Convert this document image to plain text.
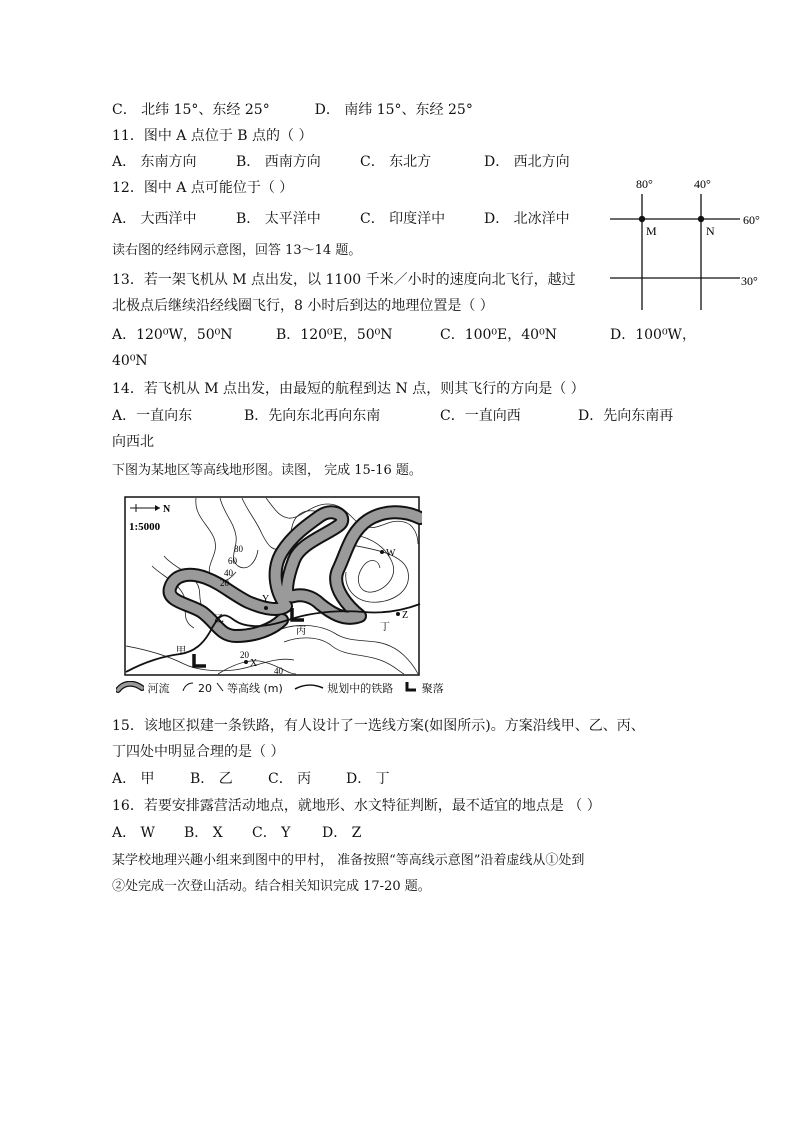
C． 北纬 15°、东经 25°	D． 南纬 15°、东经 25°
11．图中 A 点位于 B 点的（ ）
A． 东南方向	B． 西南方向	C． 东北方	D． 西北方向
12．图中 A 点可能位于（ ）
A． 大西洋中	B． 太平洋中	C． 印度洋中	D． 北冰洋中
读右图的经纬网示意图，回答 13～14 题。
13．若一架飞机从 M 点出发，以 1100 千米／小时的速度向北飞行，越过
北极点后继续沿经线圈飞行，8 小时后到达的地理位置是（ ）
A．120⁰W，50⁰N	B．120⁰E，50⁰N	C．100⁰E，40⁰N	D．100⁰W，
40⁰N
14．若飞机从 M 点出发，由最短的航程到达 N 点，则其飞行的方向是（ ）
A．一直向东	B．先向东北再向东南	C．一直向西	D．先向东南再
向西北
下图为某地区等高线地形图。读图， 完成 15-16 题。
80°	40°
60°
30°
M	N
N
1:5000
80
60
40
20
20
40
甲
乙
丙	丁
W
X
Y
Z
河流	20 等高线 (m)	规划中的铁路	聚落
15．该地区拟建一条铁路，有人设计了一选线方案(如图所示)。方案沿线甲、乙、丙、
丁四处中明显合理的是（ ）
A． 甲	B． 乙	C． 丙 D． 丁
16．若要安排露营活动地点，就地形、水文特征判断，最不适宜的地点是 （ ）
A． W B． X C． Y D． Z
某学校地理兴趣小组来到图中的甲村， 准备按照“等高线示意图”沿着虚线从①处到
②处完成一次登山活动。结合相关知识完成 17-20 题。
